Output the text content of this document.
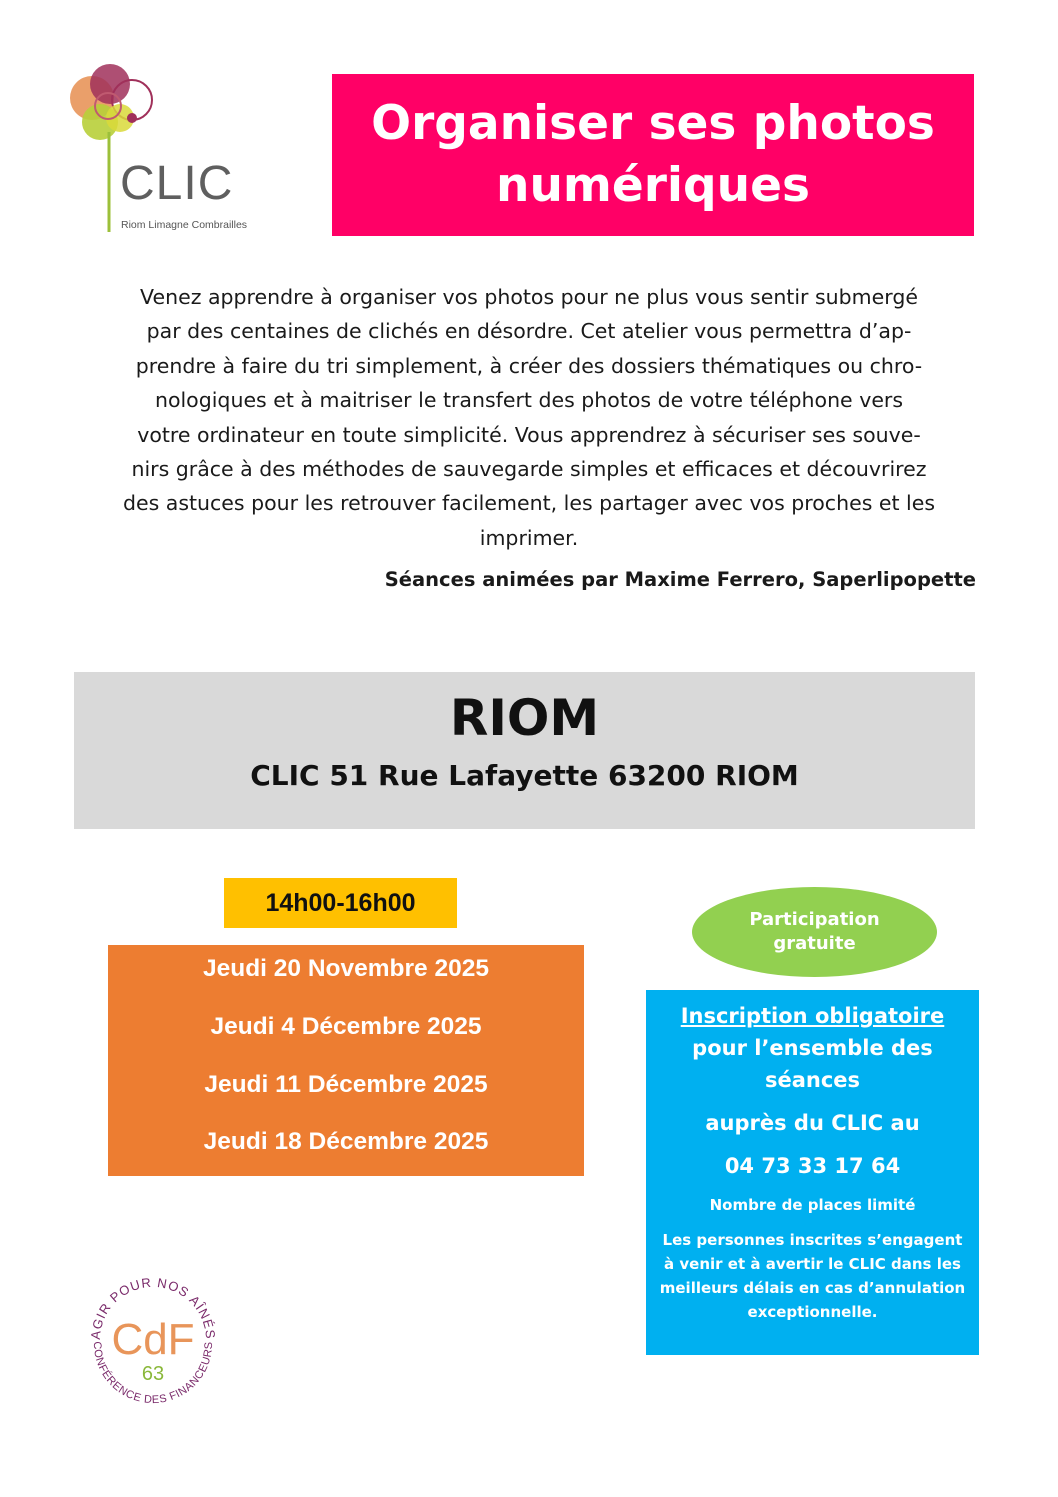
CLIC
Riom Limagne Combrailles
Organiser ses photos numériques
Venez apprendre à organiser vos photos pour ne plus vous sentir submergé
par des centaines de clichés en désordre. Cet atelier vous permettra d’ap-
prendre à faire du tri simplement, à créer des dossiers thématiques ou chro-
nologiques et à maitriser le transfert des photos de votre téléphone vers
votre ordinateur en toute simplicité. Vous apprendrez à sécuriser ses souve-
nirs grâce à des méthodes de sauvegarde simples et efficaces et découvrirez
des astuces pour les retrouver facilement, les partager avec vos proches et les
imprimer.
Séances animées par Maxime Ferrero, Saperlipopette
RIOM
CLIC 51 Rue Lafayette 63200 RIOM
14h00-16h00
Jeudi 20 Novembre 2025
Jeudi 4 Décembre 2025
Jeudi 11 Décembre 2025
Jeudi 18 Décembre 2025
Participation gratuite
Inscription obligatoire
pour l’ensemble des séances
auprès du CLIC au
04 73 33 17 64
Nombre de places limité
Les personnes inscrites s’engagent à venir et à avertir le CLIC dans les meilleurs délais en cas d’annulation exceptionnelle.
AGIR POUR NOS AÎNÉS
CONFÉRENCE DES FINANCEURS
CdF
63
